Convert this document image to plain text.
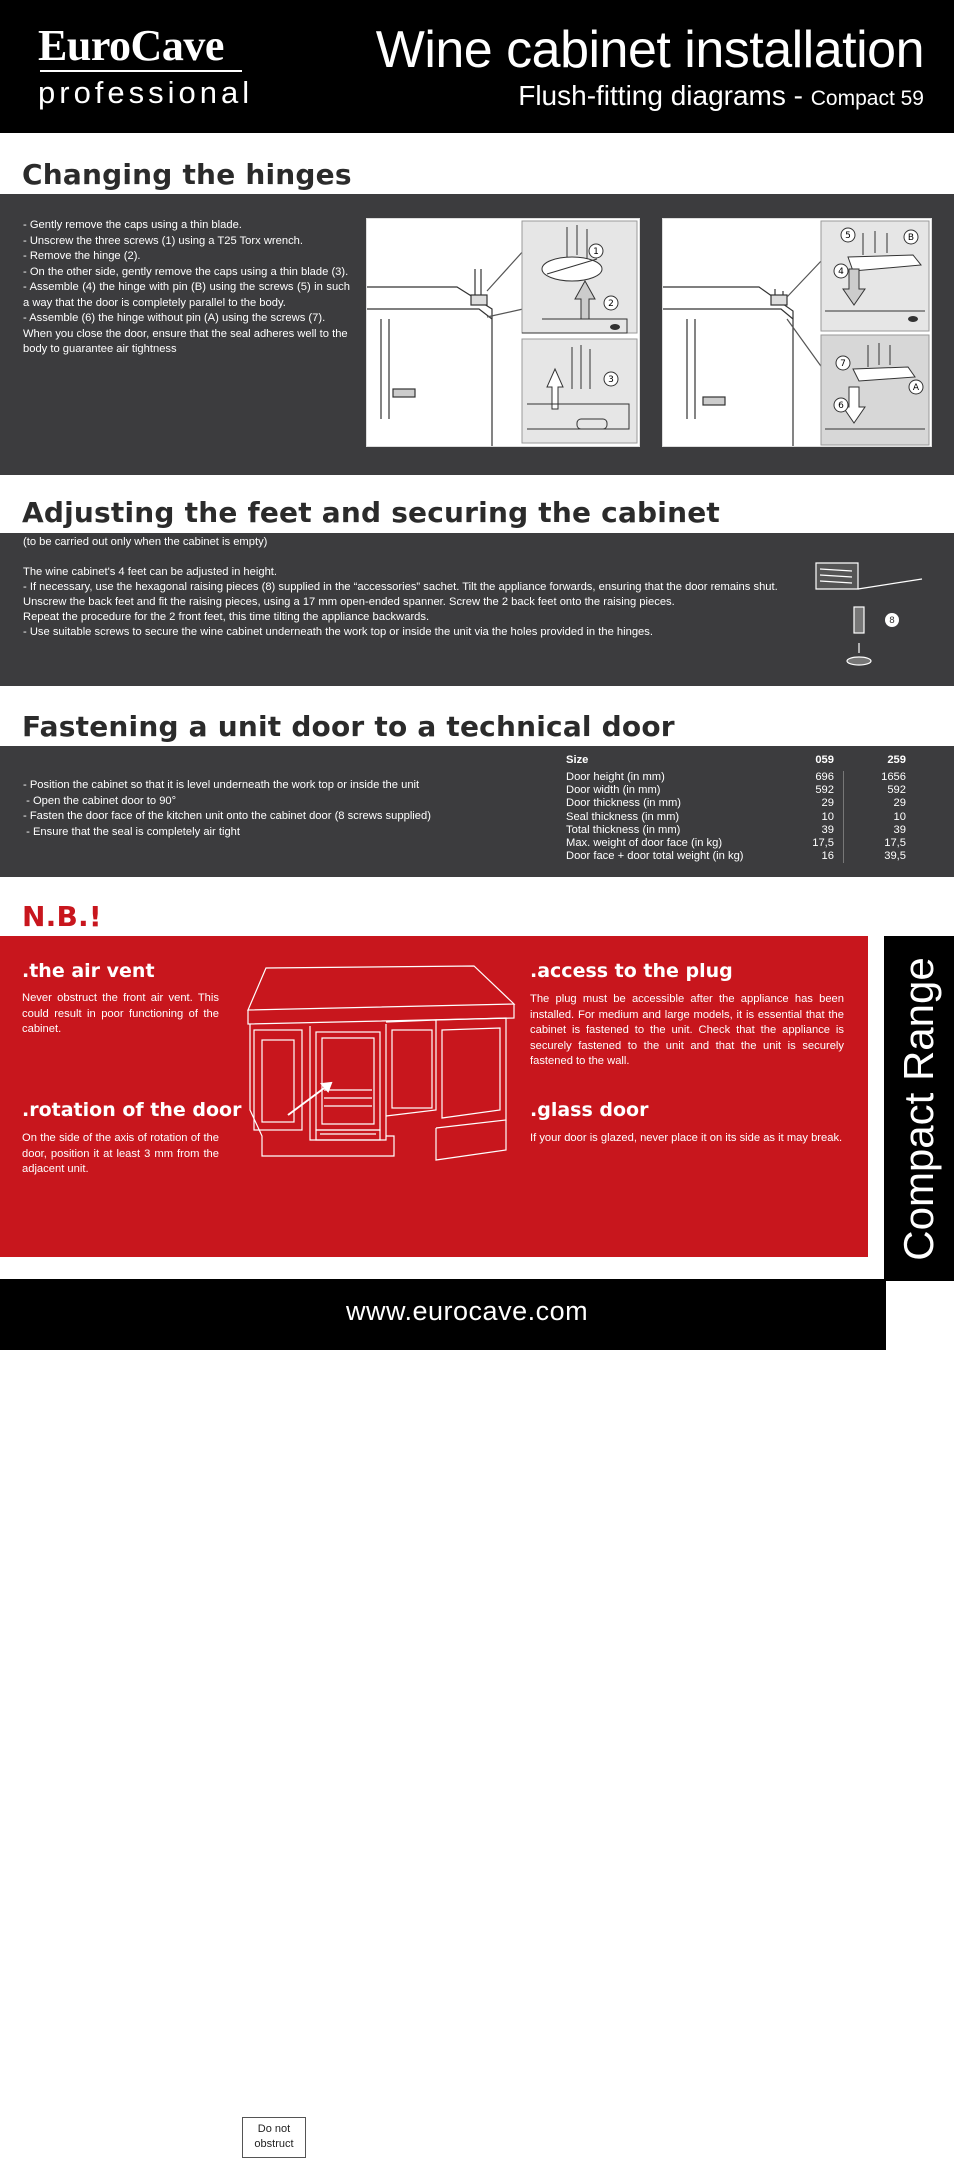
EuroCave
professional
Wine cabinet installation
Flush-fitting diagrams - Compact 59
Changing the hinges

- Gently remove the caps using a thin blade.

- Unscrew the three screws (1) using a T25 Torx wrench.

- Remove the hinge (2).

- On the other side, gently remove the caps using a thin blade (3).

- Assemble (4) the hinge with pin (B) using the screws (5) in such a way that the door is completely parallel to the body.

- Assemble (6) the hinge without pin (A) using the screws (7).

When you close the door, ensure that the seal adheres well to the body to guarantee air tightness

1
2
3
5	B
4
7
A
6
Adjusting the feet and securing the cabinet
(to be carried out only when the cabinet is empty)
The wine cabinet's 4 feet can be adjusted in height.
- If necessary, use the hexagonal raising pieces (8) supplied in the “accessories” sachet. Tilt the appliance forwards, ensuring that the door remains shut.
Unscrew the back feet and fit the raising pieces, using a 17 mm open-ended spanner. Screw the 2 back feet onto the raising pieces.
Repeat the procedure for the 2 front feet, this time tilting the appliance backwards.
- Use suitable screws to secure the wine cabinet underneath the work top or inside the unit via the holes provided in the hinges.
8
Fastening a unit door to a technical door
- Position the cabinet so that it is level underneath the work top or inside the unit
- Open the cabinet door to 90°
- Fasten the door face of the kitchen unit onto the cabinet door (8 screws supplied)
- Ensure that the seal is completely air tight
Size	059	259
Door height (in mm)	696	1656
Door width (in mm)	592	592
Door thickness (in mm)	29	29
Seal thickness (in mm)	10	10
Total thickness (in mm)	39	39
Max. weight of door face (in kg)	17,5	17,5
Door face + door total weight (in kg)	16	39,5
N.B.!
.the air vent
Never obstruct the front air vent. This could result in poor functioning of the cabinet.
.rotation of the door
On the side of the axis of rotation of the door, position it at least 3 mm from the adjacent unit.
.access to the plug
The plug must be accessible after the appliance has been installed. For medium and large models, it is essential that the cabinet is fastened to the unit. Check that the appliance is securely fastened to the unit and that the unit is securely fastened to the wall.
.glass door
If your door is glazed, never place it on its side as it may break.
Do not
obstruct
Compact Range
www.eurocave.com
